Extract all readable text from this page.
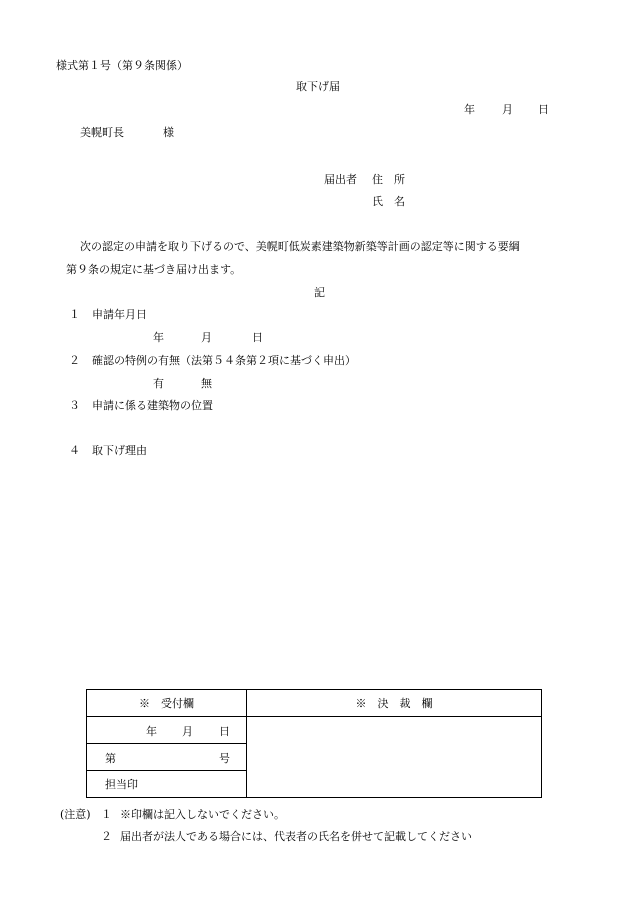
様式第１号（第９条関係）
取下げ届
年 月 日
美幌町長	様
届出者 住　所
氏　名
次の認定の申請を取り下げるので、美幌町低炭素建築物新築等計画の認定等に関する要綱
第９条の規定に基づき届け出ます。
記
１ 申請年月日
年	月	日
２ 確認の特例の有無（法第５４条第２項に基づく申出）
有	無
３ 申請に係る建築物の位置
４ 取下げ理由
※　受付欄	※　決　裁　欄

年 月 日	

第 号	

担当印	
(注意) １ ※印欄は記入しないでください。
２ 届出者が法人である場合には、代表者の氏名を併せて記載してください
